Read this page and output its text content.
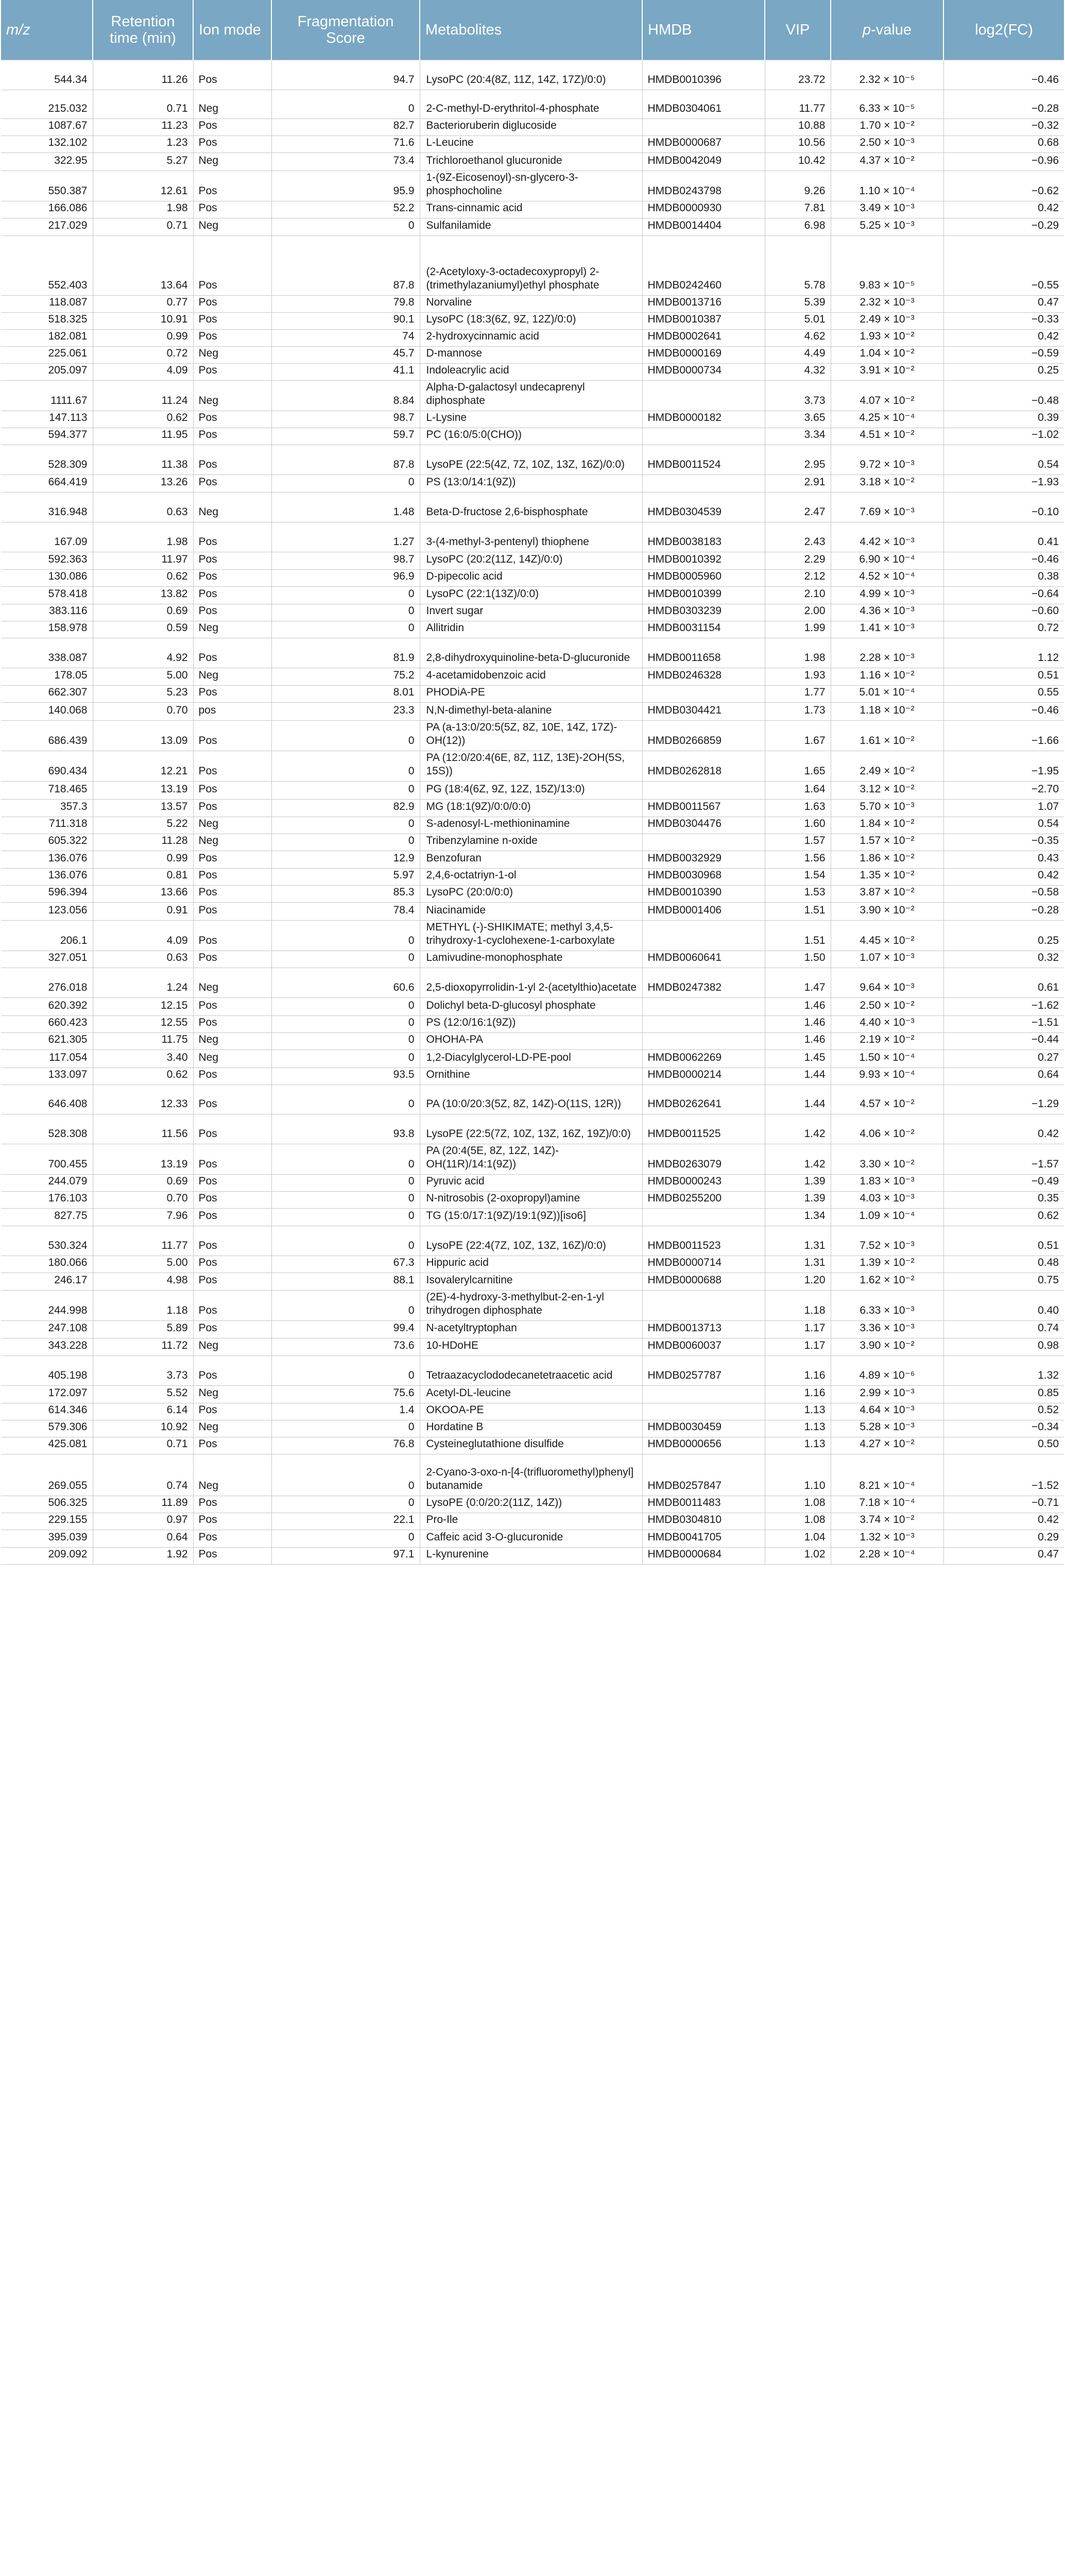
m/z	Retention time (min)	Ion mode	Fragmentation Score	Metabolites	HMDB	VIP	p-value	log2(FC)
544.34	11.26	Pos	94.7	LysoPC (20:4(8Z, 11Z, 14Z, 17Z)/0:0)	HMDB0010396	23.72	2.32 × 10⁻⁵	−0.46
215.032	0.71	Neg	0	2-C-methyl-D-erythritol-4-phosphate	HMDB0304061	11.77	6.33 × 10⁻⁵	−0.28
1087.67	11.23	Pos	82.7	Bacterioruberin diglucoside		10.88	1.70 × 10⁻²	−0.32
132.102	1.23	Pos	71.6	L-Leucine	HMDB0000687	10.56	2.50 × 10⁻³	0.68
322.95	5.27	Neg	73.4	Trichloroethanol glucuronide	HMDB0042049	10.42	4.37 × 10⁻²	−0.96
550.387	12.61	Pos	95.9	1-(9Z-Eicosenoyl)-sn-glycero-3-phosphocholine	HMDB0243798	9.26	1.10 × 10⁻⁴	−0.62
166.086	1.98	Pos	52.2	Trans-cinnamic acid	HMDB0000930	7.81	3.49 × 10⁻³	0.42
217.029	0.71	Neg	0	Sulfanilamide	HMDB0014404	6.98	5.25 × 10⁻³	−0.29
552.403	13.64	Pos	87.8	(2-Acetyloxy-3-octadecoxypropyl) 2-(trimethylazaniumyl)ethyl phosphate	HMDB0242460	5.78	9.83 × 10⁻⁵	−0.55
118.087	0.77	Pos	79.8	Norvaline	HMDB0013716	5.39	2.32 × 10⁻³	0.47
518.325	10.91	Pos	90.1	LysoPC (18:3(6Z, 9Z, 12Z)/0:0)	HMDB0010387	5.01	2.49 × 10⁻³	−0.33
182.081	0.99	Pos	74	2-hydroxycinnamic acid	HMDB0002641	4.62	1.93 × 10⁻²	0.42
225.061	0.72	Neg	45.7	D-mannose	HMDB0000169	4.49	1.04 × 10⁻²	−0.59
205.097	4.09	Pos	41.1	Indoleacrylic acid	HMDB0000734	4.32	3.91 × 10⁻²	0.25
1111.67	11.24	Neg	8.84	Alpha-D-galactosyl undecaprenyl diphosphate		3.73	4.07 × 10⁻²	−0.48
147.113	0.62	Pos	98.7	L-Lysine	HMDB0000182	3.65	4.25 × 10⁻⁴	0.39
594.377	11.95	Pos	59.7	PC (16:0/5:0(CHO))		3.34	4.51 × 10⁻²	−1.02
528.309	11.38	Pos	87.8	LysoPE (22:5(4Z, 7Z, 10Z, 13Z, 16Z)/0:0)	HMDB0011524	2.95	9.72 × 10⁻³	0.54
664.419	13.26	Pos	0	PS (13:0/14:1(9Z))		2.91	3.18 × 10⁻²	−1.93
316.948	0.63	Neg	1.48	Beta-D-fructose 2,6-bisphosphate	HMDB0304539	2.47	7.69 × 10⁻³	−0.10
167.09	1.98	Pos	1.27	3-(4-methyl-3-pentenyl) thiophene	HMDB0038183	2.43	4.42 × 10⁻³	0.41
592.363	11.97	Pos	98.7	LysoPC (20:2(11Z, 14Z)/0:0)	HMDB0010392	2.29	6.90 × 10⁻⁴	−0.46
130.086	0.62	Pos	96.9	D-pipecolic acid	HMDB0005960	2.12	4.52 × 10⁻⁴	0.38
578.418	13.82	Pos	0	LysoPC (22:1(13Z)/0:0)	HMDB0010399	2.10	4.99 × 10⁻³	−0.64
383.116	0.69	Pos	0	Invert sugar	HMDB0303239	2.00	4.36 × 10⁻³	−0.60
158.978	0.59	Neg	0	Allitridin	HMDB0031154	1.99	1.41 × 10⁻³	0.72
338.087	4.92	Pos	81.9	2,8-dihydroxyquinoline-beta-D-glucuronide	HMDB0011658	1.98	2.28 × 10⁻³	1.12
178.05	5.00	Neg	75.2	4-acetamidobenzoic acid	HMDB0246328	1.93	1.16 × 10⁻²	0.51
662.307	5.23	Pos	8.01	PHODiA-PE		1.77	5.01 × 10⁻⁴	0.55
140.068	0.70	pos	23.3	N,N-dimethyl-beta-alanine	HMDB0304421	1.73	1.18 × 10⁻²	−0.46
686.439	13.09	Pos	0	PA (a-13:0/20:5(5Z, 8Z, 10E, 14Z, 17Z)-OH(12))	HMDB0266859	1.67	1.61 × 10⁻²	−1.66
690.434	12.21	Pos	0	PA (12:0/20:4(6E, 8Z, 11Z, 13E)-2OH(5S, 15S))	HMDB0262818	1.65	2.49 × 10⁻²	−1.95
718.465	13.19	Pos	0	PG (18:4(6Z, 9Z, 12Z, 15Z)/13:0)		1.64	3.12 × 10⁻²	−2.70
357.3	13.57	Pos	82.9	MG (18:1(9Z)/0:0/0:0)	HMDB0011567	1.63	5.70 × 10⁻³	1.07
711.318	5.22	Neg	0	S-adenosyl-L-methioninamine	HMDB0304476	1.60	1.84 × 10⁻²	0.54
605.322	11.28	Neg	0	Tribenzylamine n-oxide		1.57	1.57 × 10⁻²	−0.35
136.076	0.99	Pos	12.9	Benzofuran	HMDB0032929	1.56	1.86 × 10⁻²	0.43
136.076	0.81	Pos	5.97	2,4,6-octatriyn-1-ol	HMDB0030968	1.54	1.35 × 10⁻²	0.42
596.394	13.66	Pos	85.3	LysoPC (20:0/0:0)	HMDB0010390	1.53	3.87 × 10⁻²	−0.58
123.056	0.91	Pos	78.4	Niacinamide	HMDB0001406	1.51	3.90 × 10⁻²	−0.28
206.1	4.09	Pos	0	METHYL (-)-SHIKIMATE; methyl 3,4,5-trihydroxy-1-cyclohexene-1-carboxylate		1.51	4.45 × 10⁻²	0.25
327.051	0.63	Pos	0	Lamivudine-monophosphate	HMDB0060641	1.50	1.07 × 10⁻³	0.32
276.018	1.24	Neg	60.6	2,5-dioxopyrrolidin-1-yl 2-(acetylthio)acetate	HMDB0247382	1.47	9.64 × 10⁻³	0.61
620.392	12.15	Pos	0	Dolichyl beta-D-glucosyl phosphate		1.46	2.50 × 10⁻²	−1.62
660.423	12.55	Pos	0	PS (12:0/16:1(9Z))		1.46	4.40 × 10⁻³	−1.51
621.305	11.75	Neg	0	OHOHA-PA		1.46	2.19 × 10⁻²	−0.44
117.054	3.40	Neg	0	1,2-Diacylglycerol-LD-PE-pool	HMDB0062269	1.45	1.50 × 10⁻⁴	0.27
133.097	0.62	Pos	93.5	Ornithine	HMDB0000214	1.44	9.93 × 10⁻⁴	0.64
646.408	12.33	Pos	0	PA (10:0/20:3(5Z, 8Z, 14Z)-O(11S, 12R))	HMDB0262641	1.44	4.57 × 10⁻²	−1.29
528.308	11.56	Pos	93.8	LysoPE (22:5(7Z, 10Z, 13Z, 16Z, 19Z)/0:0)	HMDB0011525	1.42	4.06 × 10⁻²	0.42
700.455	13.19	Pos	0	PA (20:4(5E, 8Z, 12Z, 14Z)-OH(11R)/14:1(9Z))	HMDB0263079	1.42	3.30 × 10⁻²	−1.57
244.079	0.69	Pos	0	Pyruvic acid	HMDB0000243	1.39	1.83 × 10⁻³	−0.49
176.103	0.70	Pos	0	N-nitrosobis (2-oxopropyl)amine	HMDB0255200	1.39	4.03 × 10⁻³	0.35
827.75	7.96	Pos	0	TG (15:0/17:1(9Z)/19:1(9Z))[iso6]		1.34	1.09 × 10⁻⁴	0.62
530.324	11.77	Pos	0	LysoPE (22:4(7Z, 10Z, 13Z, 16Z)/0:0)	HMDB0011523	1.31	7.52 × 10⁻³	0.51
180.066	5.00	Pos	67.3	Hippuric acid	HMDB0000714	1.31	1.39 × 10⁻²	0.48
246.17	4.98	Pos	88.1	Isovalerylcarnitine	HMDB0000688	1.20	1.62 × 10⁻²	0.75
244.998	1.18	Pos	0	(2E)-4-hydroxy-3-methylbut-2-en-1-yl trihydrogen diphosphate		1.18	6.33 × 10⁻³	0.40
247.108	5.89	Pos	99.4	N-acetyltryptophan	HMDB0013713	1.17	3.36 × 10⁻³	0.74
343.228	11.72	Neg	73.6	10-HDoHE	HMDB0060037	1.17	3.90 × 10⁻²	0.98
405.198	3.73	Pos	0	Tetraazacyclododecanetetraacetic acid	HMDB0257787	1.16	4.89 × 10⁻⁶	1.32
172.097	5.52	Neg	75.6	Acetyl-DL-leucine		1.16	2.99 × 10⁻³	0.85
614.346	6.14	Pos	1.4	OKOOA-PE		1.13	4.64 × 10⁻³	0.52
579.306	10.92	Neg	0	Hordatine B	HMDB0030459	1.13	5.28 × 10⁻³	−0.34
425.081	0.71	Pos	76.8	Cysteineglutathione disulfide	HMDB0000656	1.13	4.27 × 10⁻²	0.50
269.055	0.74	Neg	0	2-Cyano-3-oxo-n-[4-(trifluoromethyl)phenyl] butanamide	HMDB0257847	1.10	8.21 × 10⁻⁴	−1.52
506.325	11.89	Pos	0	LysoPE (0:0/20:2(11Z, 14Z))	HMDB0011483	1.08	7.18 × 10⁻⁴	−0.71
229.155	0.97	Pos	22.1	Pro-Ile	HMDB0304810	1.08	3.74 × 10⁻²	0.42
395.039	0.64	Pos	0	Caffeic acid 3-O-glucuronide	HMDB0041705	1.04	1.32 × 10⁻³	0.29
209.092	1.92	Pos	97.1	L-kynurenine	HMDB0000684	1.02	2.28 × 10⁻⁴	0.47
